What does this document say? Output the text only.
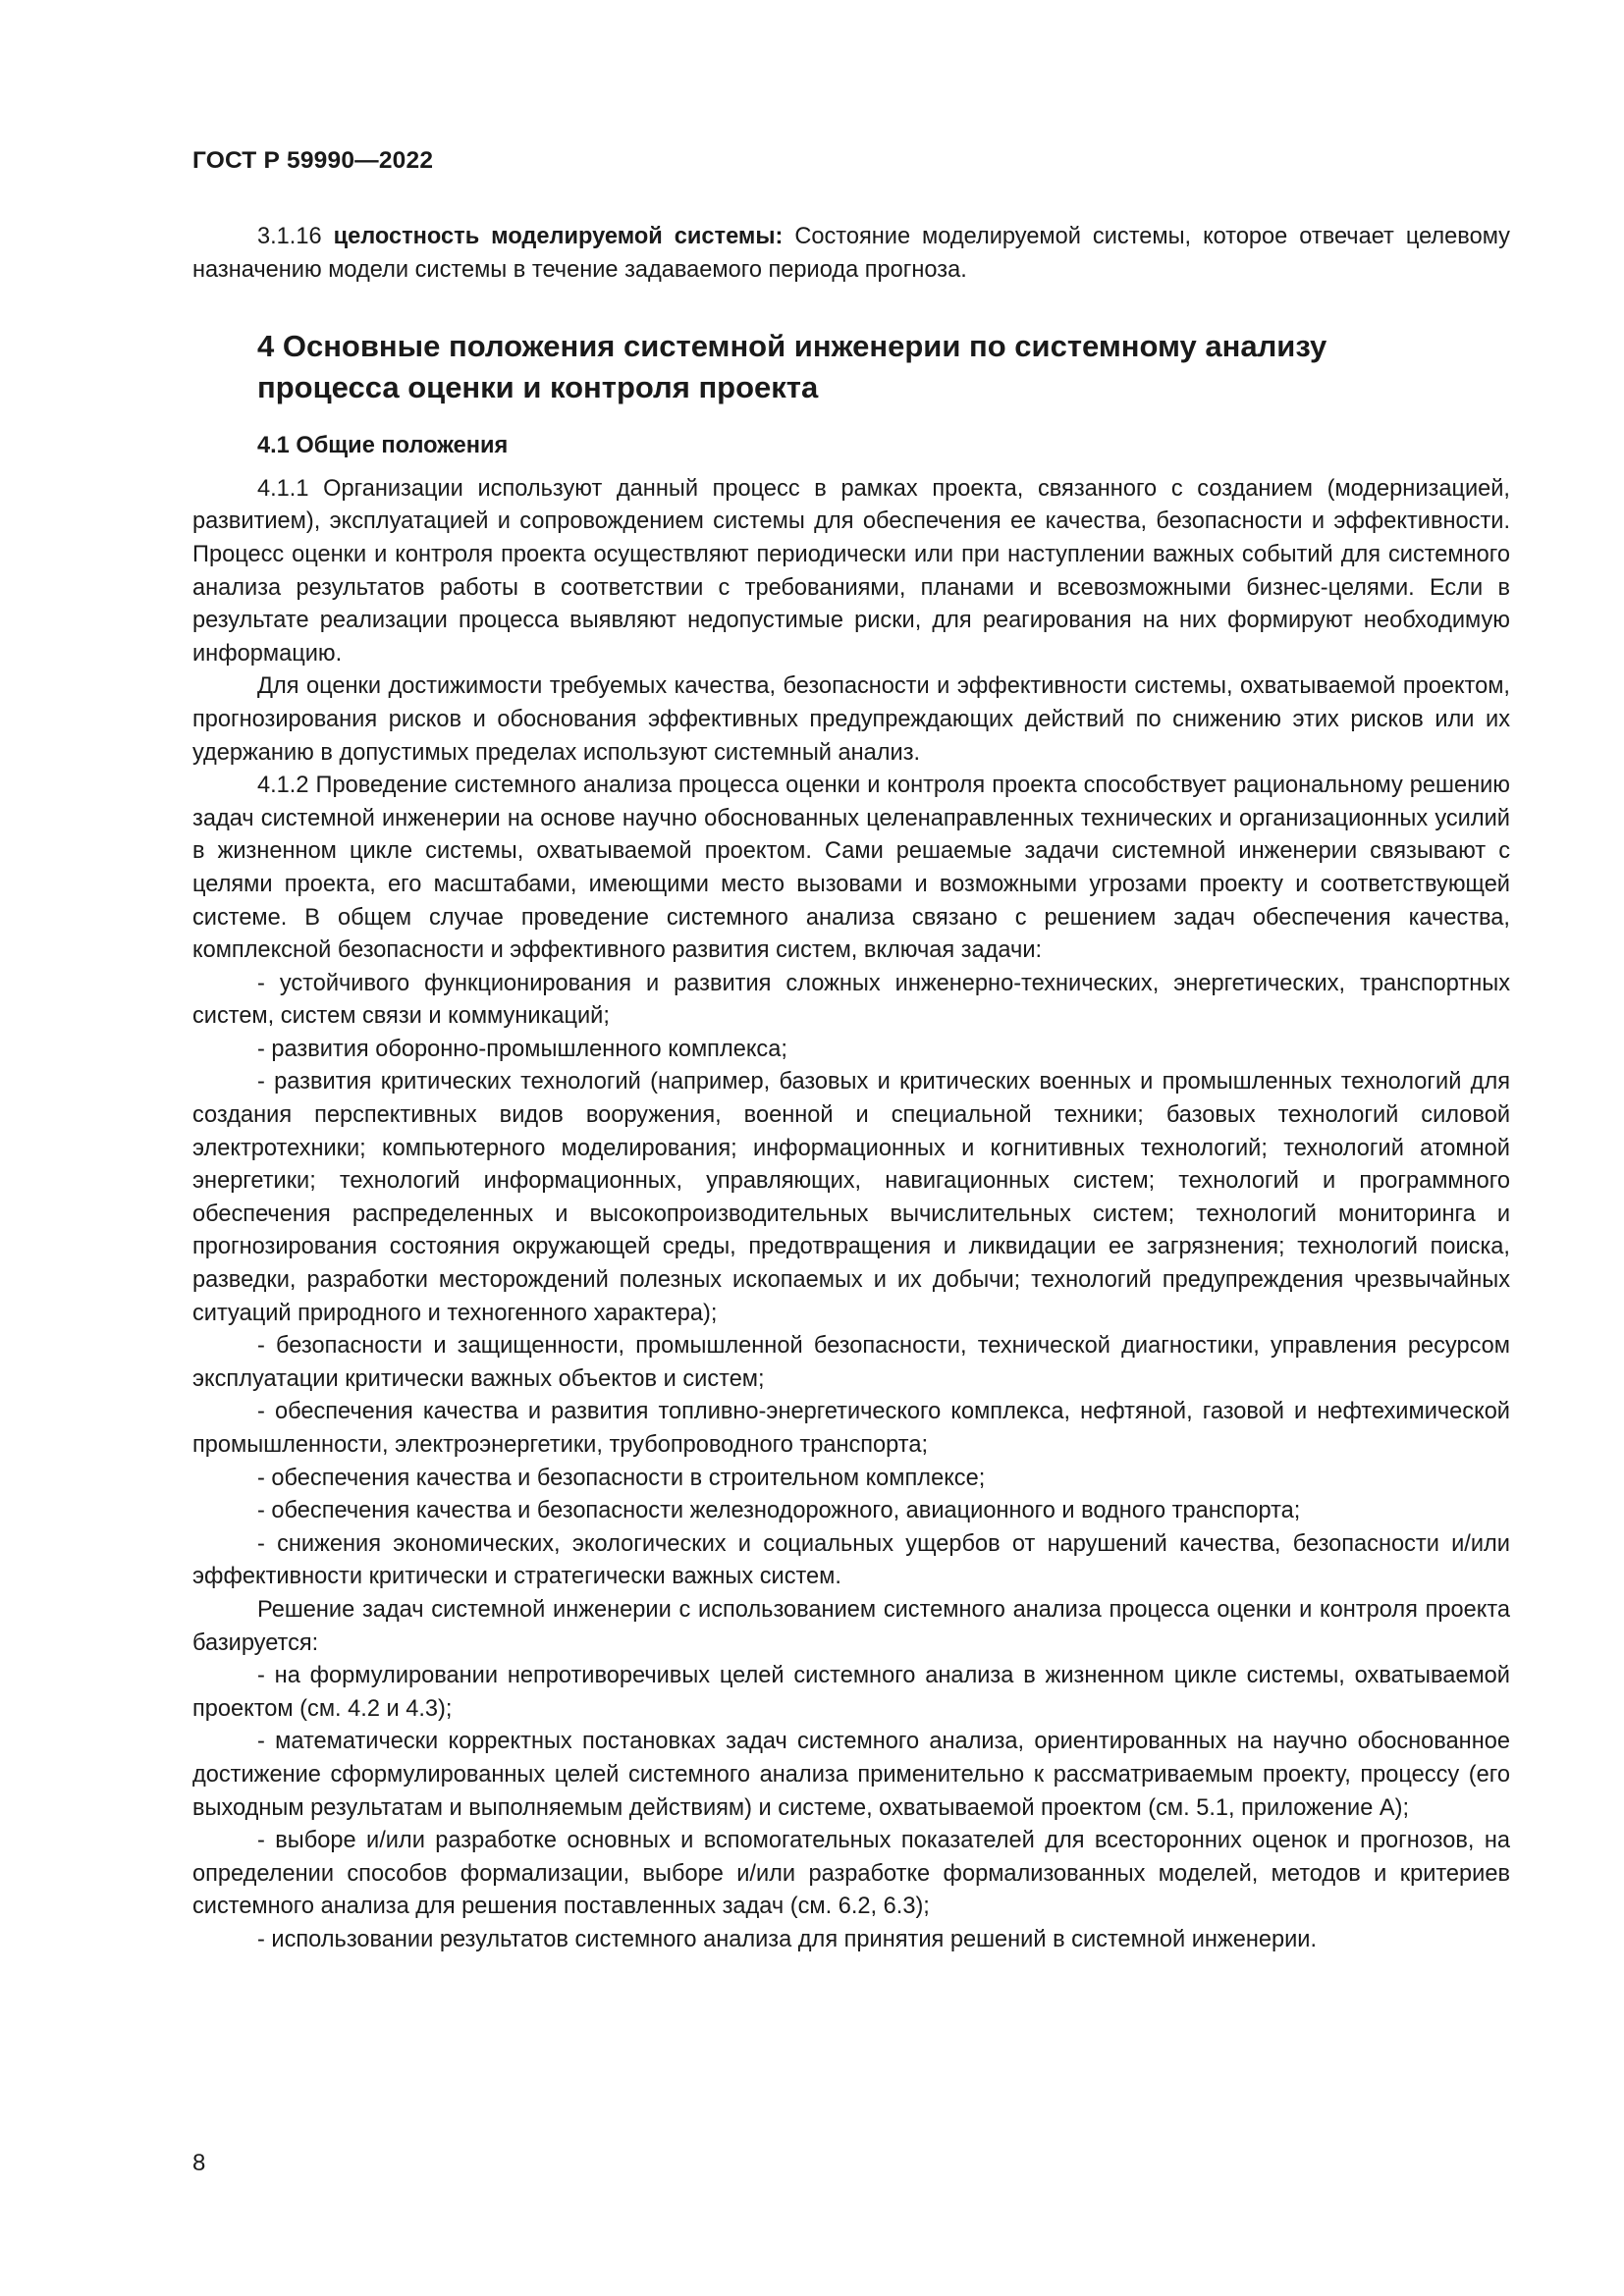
ГОСТ Р 59990—2022

3.1.16 целостность моделируемой системы: Состояние моделируемой системы, которое отвечает целевому назначению модели системы в течение задаваемого периода прогноза.

4 Основные положения системной инженерии по системному анализу
процесса оценки и контроля проекта
4.1 Общие положения

4.1.1 Организации используют данный процесс в рамках проекта, связанного с созданием (модернизацией, развитием), эксплуатацией и сопровождением системы для обеспечения ее качества, безопасности и эффективности. Процесс оценки и контроля проекта осуществляют периодически или при наступлении важных событий для системного анализа результатов работы в соответствии с требованиями, планами и всевозможными бизнес-целями. Если в результате реализации процесса выявляют недопустимые риски, для реагирования на них формируют необходимую информацию.

Для оценки достижимости требуемых качества, безопасности и эффективности системы, охватываемой проектом, прогнозирования рисков и обоснования эффективных предупреждающих действий по снижению этих рисков или их удержанию в допустимых пределах используют системный анализ.

4.1.2 Проведение системного анализа процесса оценки и контроля проекта способствует рациональному решению задач системной инженерии на основе научно обоснованных целенаправленных технических и организационных усилий в жизненном цикле системы, охватываемой проектом. Сами решаемые задачи системной инженерии связывают с целями проекта, его масштабами, имеющими место вызовами и возможными угрозами проекту и соответствующей системе. В общем случае проведение системного анализа связано с решением задач обеспечения качества, комплексной безопасности и эффективного развития систем, включая задачи:

- устойчивого функционирования и развития сложных инженерно-технических, энергетических, транспортных систем, систем связи и коммуникаций;

- развития оборонно-промышленного комплекса;

- развития критических технологий (например, базовых и критических военных и промышленных технологий для создания перспективных видов вооружения, военной и специальной техники; базовых технологий силовой электротехники; компьютерного моделирования; информационных и когнитивных технологий; технологий атомной энергетики; технологий информационных, управляющих, навигационных систем; технологий и программного обеспечения распределенных и высокопроизводительных вычислительных систем; технологий мониторинга и прогнозирования состояния окружающей среды, предотвращения и ликвидации ее загрязнения; технологий поиска, разведки, разработки месторождений полезных ископаемых и их добычи; технологий предупреждения чрезвычайных ситуаций природного и техногенного характера);

- безопасности и защищенности, промышленной безопасности, технической диагностики, управления ресурсом эксплуатации критически важных объектов и систем;

- обеспечения качества и развития топливно-энергетического комплекса, нефтяной, газовой и нефтехимической промышленности, электроэнергетики, трубопроводного транспорта;

- обеспечения качества и безопасности в строительном комплексе;

- обеспечения качества и безопасности железнодорожного, авиационного и водного транспорта;

- снижения экономических, экологических и социальных ущербов от нарушений качества, безопасности и/или эффективности критически и стратегически важных систем.

Решение задач системной инженерии с использованием системного анализа процесса оценки и контроля проекта базируется:

- на формулировании непротиворечивых целей системного анализа в жизненном цикле системы, охватываемой проектом (см. 4.2 и 4.3);

- математически корректных постановках задач системного анализа, ориентированных на научно обоснованное достижение сформулированных целей системного анализа применительно к рассматриваемым проекту, процессу (его выходным результатам и выполняемым действиям) и системе, охватываемой проектом (см. 5.1, приложение А);

- выборе и/или разработке основных и вспомогательных показателей для всесторонних оценок и прогнозов, на определении способов формализации, выборе и/или разработке формализованных моделей, методов и критериев системного анализа для решения поставленных задач (см. 6.2, 6.3);

- использовании результатов системного анализа для принятия решений в системной инженерии.

8
